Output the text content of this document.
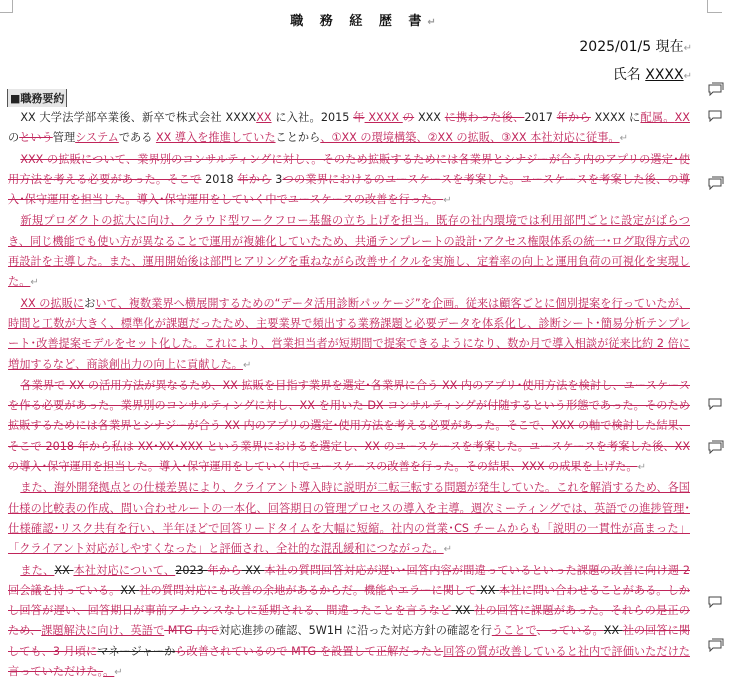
職 務 経 歴 書↵
2025/01/5 現在↵
氏名 XXXX↵
■職務要約

XX 大学法学部卒業後、新卒で株式会社 XXXXXX に入社。2015 年 XXXX の XXX に携わった後、2017 年から XXXX に配属。XX のという管理システムである XX 導入を推進していたことから、①XX の環境構築、②XX の拡販、③XX 本社対応に従事。↵

XXX の拡販について、業界別のコンサルティングに対し、。そのため拡販するためには各業界とシナジーが合う内のアプリの選定･使用方法を考える必要があった。そこで 2018 年から 3つの業界におけるのユースケースを考案した。ユースケースを考案した後、の導入･保守運用を担当した。導入･保守運用をしていく中でユースケースの改善を行った。↵

新規プロダクトの拡大に向け、クラウド型ワークフロー基盤の立ち上げを担当。既存の社内環境では利用部門ごとに設定がばらつき、同じ機能でも使い方が異なることで運用が複雑化していたため、共通テンプレートの設計･アクセス権限体系の統一･ログ取得方式の再設計を主導した。また、運用開始後は部門ヒアリングを重ねながら改善サイクルを実施し、定着率の向上と運用負荷の可視化を実現した。↵

XX の拡販において、複数業界へ横展開するための“データ活用診断パッケージ”を企画。従来は顧客ごとに個別提案を行っていたが、時間と工数が大きく、標準化が課題だったため、主要業界で頻出する業務課題と必要データを体系化し、診断シート･簡易分析テンプレート･改善提案モデルをセット化した。これにより、営業担当者が短期間で提案できるようになり、数か月で導入相談が従来比約 2 倍に増加するなど、商談創出力の向上に貢献した。↵

各業界で XX の活用方法が異なるため、XX 拡販を目指す業界を選定･各業界に合う XX 内のアプリ･使用方法を検討し、ユースケースを作る必要があった。業界別のコンサルティングに対し、XX を用いた DX コンサルティングが付随するという形態であった。そのため拡販するためには各業界とシナジーが合う XX 内のアプリの選定･使用方法を考える必要があった。そこで、XXX の軸で検討した結果、そこで 2018 年から私は XX･XX･XXX という業界におけるを選定し、XX のユースケースを考案した。ユースケースを考案した後、XX の導入･保守運用を担当した。導入･保守運用をしていく中でユースケースの改善を行った。その結果、XXX の成果を上げた。↵

また、海外開発拠点との仕様差異により、クライアント導入時に説明が二転三転する問題が発生していた。これを解消するため、各国仕様の比較表の作成、問い合わせルートの一本化、回答期日の管理プロセスの導入を主導。週次ミーティングでは、英語での進捗管理･仕様確認･リスク共有を行い、半年ほどで回答リードタイムを大幅に短縮。社内の営業･CS チームからも「説明の一貫性が高まった」「クライアント対応がしやすくなった」と評価され、全社的な混乱緩和につながった。↵

また、XX 本社対応について、2023 年から XX 本社の質問回答対応が遅い･回答内容が間違っているといった課題の改善に向け週 2 回会議を持っている。XX 社の質問対応にも改善の余地があるからだ。機能やエラーに関して XX 本社に問い合わせることがある。しかし回答が遅い、回答期日が事前アナウンスなしに延期される、間違ったことを言うなど XX 社の回答に課題があった。それらの是正のため、課題解決に向け、英語で MTG 内で対応進捗の確認、5W1H に沿った対応方針の確認を行うことで、っている。XX 社の回答に関しても、3 月頃にマネージャーから改善されているので MTG を設置して正解だったと回答の質が改善していると社内で評価いただけた言っていただけた。。↵
